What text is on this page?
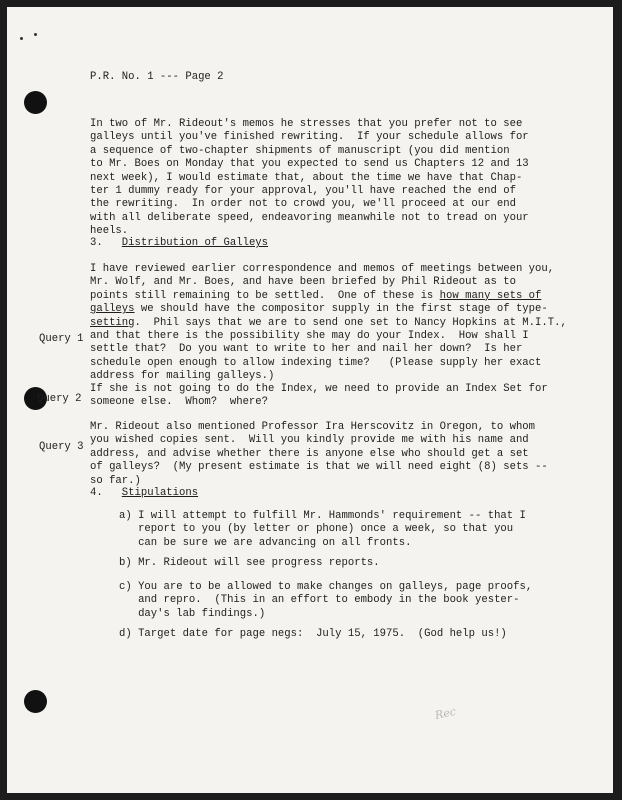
P.R. No. 1 --- Page 2
In two of Mr. Rideout's memos he stresses that you prefer not to see
galleys until you've finished rewriting.  If your schedule allows for
a sequence of two-chapter shipments of manuscript (you did mention
to Mr. Boes on Monday that you expected to send us Chapters 12 and 13
next week), I would estimate that, about the time we have that Chap-
ter 1 dummy ready for your approval, you'll have reached the end of
the rewriting.  In order not to crowd you, we'll proceed at our end
with all deliberate speed, endeavoring meanwhile not to tread on your
heels.
3. Distribution of Galleys
I have reviewed earlier correspondence and memos of meetings between you,
Mr. Wolf, and Mr. Boes, and have been briefed by Phil Rideout as to
points still remaining to be settled.  One of these is how many sets of
galleys we should have the compositor supply in the first stage of type-
setting.  Phil says that we are to send one set to Nancy Hopkins at M.I.T.,
and that there is the possibility she may do your Index.  How shall I
settle that?  Do you want to write to her and nail her down?  Is her
schedule open enough to allow indexing time?   (Please supply her exact
address for mailing galleys.)
If she is not going to do the Index, we need to provide an Index Set for
someone else.  Whom?  where?
Mr. Rideout also mentioned Professor Ira Herscovitz in Oregon, to whom
you wished copies sent.  Will you kindly provide me with his name and
address, and advise whether there is anyone else who should get a set
of galleys?  (My present estimate is that we will need eight (8) sets --
so far.)
Query 1
Query 2
Query 3
4. Stipulations
a) I will attempt to fulfill Mr. Hammonds' requirement -- that I
report to you (by letter or phone) once a week, so that you
can be sure we are advancing on all fronts.
b) Mr. Rideout will see progress reports.
c) You are to be allowed to make changes on galleys, page proofs,
and repro.  (This in an effort to embody in the book yester-
day's lab findings.)
d) Target date for page negs:  July 15, 1975.  (God help us!)
Rec
